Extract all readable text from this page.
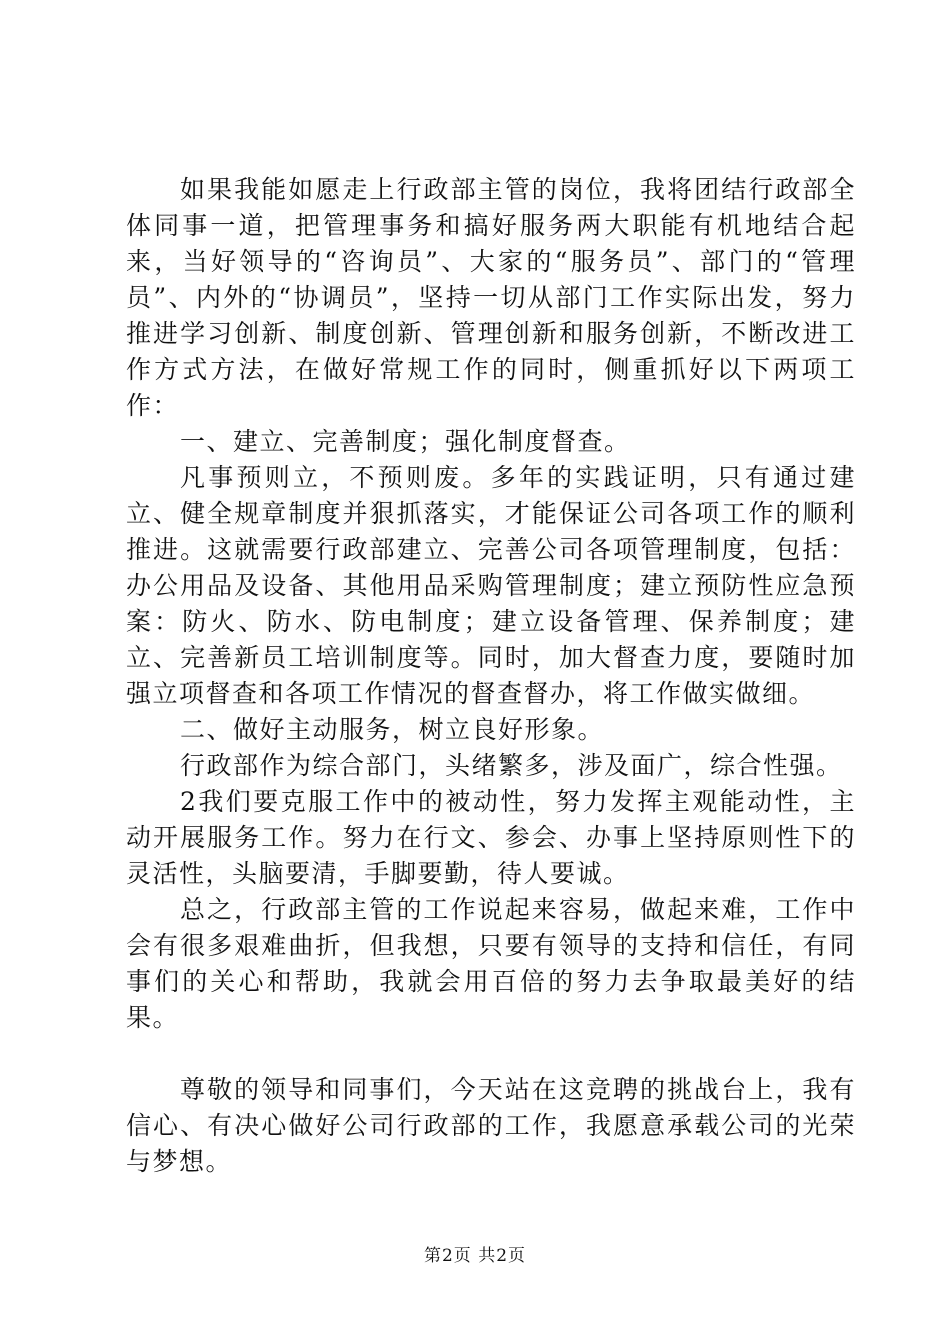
如果我能如愿走上行政部主管的岗位，我将团结行政部全体同事一道，把管理事务和搞好服务两大职能有机地结合起来，当好领导的“咨询员”、大家的“服务员”、部门的“管理员”、内外的“协调员”，坚持一切从部门工作实际出发，努力推进学习创新、制度创新、管理创新和服务创新，不断改进工作方式方法，在做好常规工作的同时，侧重抓好以下两项工作：

一、建立、完善制度；强化制度督查。

凡事预则立，不预则废。多年的实践证明，只有通过建立、健全规章制度并狠抓落实，才能保证公司各项工作的顺利推进。这就需要行政部建立、完善公司各项管理制度，包括：办公用品及设备、其他用品采购管理制度；建立预防性应急预案：防火、防水、防电制度；建立设备管理、保养制度；建立、完善新员工培训制度等。同时，加大督查力度，要随时加强立项督查和各项工作情况的督查督办，将工作做实做细。

二、做好主动服务，树立良好形象。

行政部作为综合部门，头绪繁多，涉及面广，综合性强。

2我们要克服工作中的被动性，努力发挥主观能动性，主动开展服务工作。努力在行文、参会、办事上坚持原则性下的灵活性，头脑要清，手脚要勤，待人要诚。

总之，行政部主管的工作说起来容易，做起来难，工作中会有很多艰难曲折，但我想，只要有领导的支持和信任，有同事们的关心和帮助，我就会用百倍的努力去争取最美好的结果。

尊敬的领导和同事们，今天站在这竞聘的挑战台上，我有信心、有决心做好公司行政部的工作，我愿意承载公司的光荣与梦想。

第2页 共2页
